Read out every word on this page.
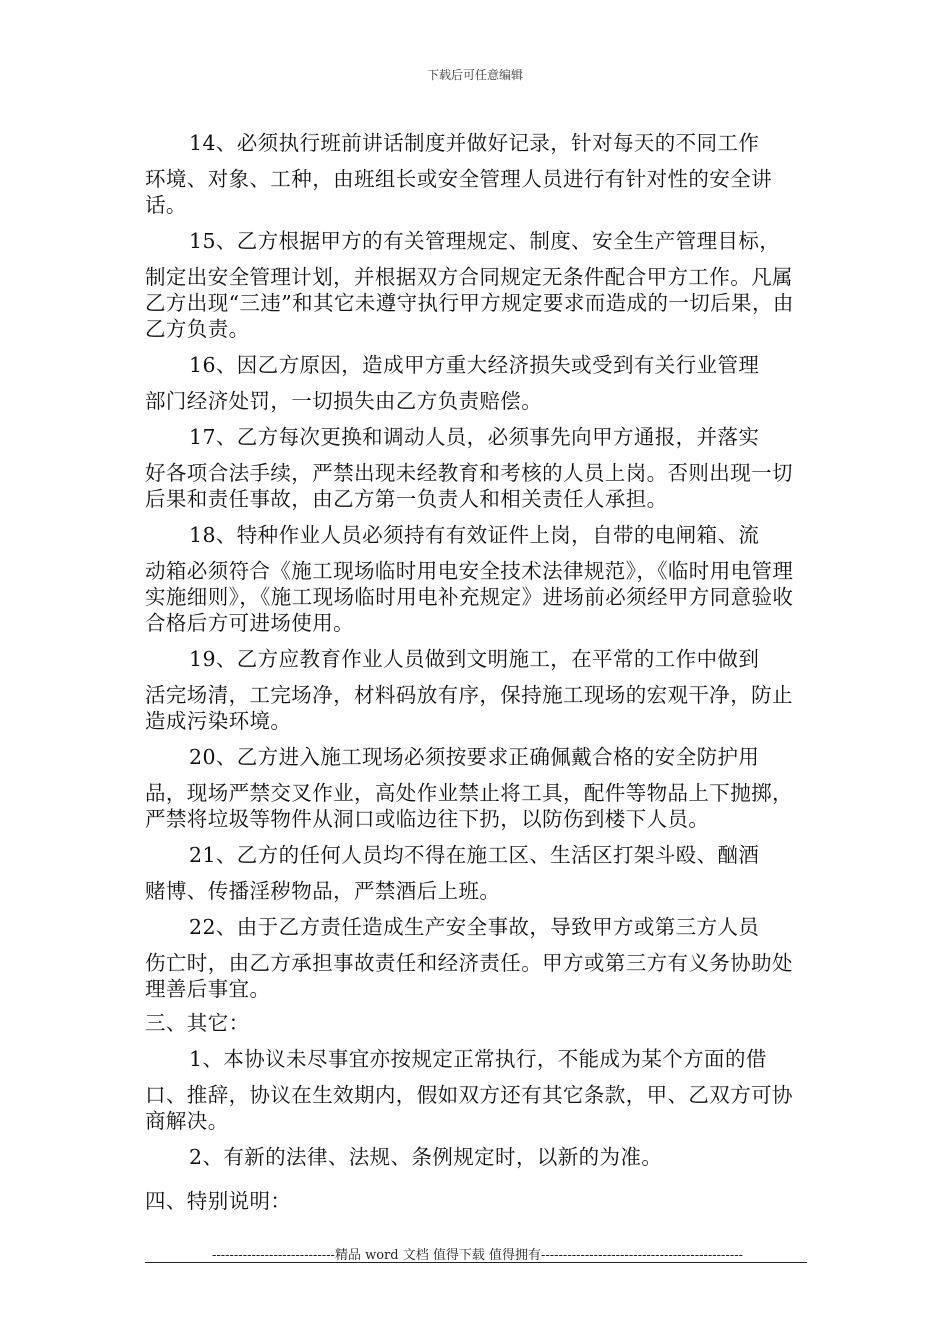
下载后可任意编辑
14、必须执行班前讲话制度并做好记录，针对每天的不同工作
环境、对象、工种，由班组长或安全管理人员进行有针对性的安全讲话。
15、乙方根据甲方的有关管理规定、制度、安全生产管理目标，
制定出安全管理计划，并根据双方合同规定无条件配合甲方工作。凡属乙方出现“三违”和其它未遵守执行甲方规定要求而造成的一切后果，由乙方负责。
16、因乙方原因，造成甲方重大经济损失或受到有关行业管理
部门经济处罚，一切损失由乙方负责赔偿。
17、乙方每次更换和调动人员，必须事先向甲方通报，并落实
好各项合法手续，严禁出现未经教育和考核的人员上岗。否则出现一切后果和责任事故，由乙方第一负责人和相关责任人承担。
18、特种作业人员必须持有有效证件上岗，自带的电闸箱、流
动箱必须符合《施工现场临时用电安全技术法律规范》，《临时用电管理实施细则》，《施工现场临时用电补充规定》进场前必须经甲方同意验收合格后方可进场使用。
19、乙方应教育作业人员做到文明施工，在平常的工作中做到
活完场清，工完场净，材料码放有序，保持施工现场的宏观干净，防止造成污染环境。
20、乙方进入施工现场必须按要求正确佩戴合格的安全防护用
品，现场严禁交叉作业，高处作业禁止将工具，配件等物品上下抛掷，严禁将垃圾等物件从洞口或临边往下扔，以防伤到楼下人员。
21、乙方的任何人员均不得在施工区、生活区打架斗殴、酗酒
赌博、传播淫秽物品，严禁酒后上班。
22、由于乙方责任造成生产安全事故，导致甲方或第三方人员
伤亡时，由乙方承担事故责任和经济责任。甲方或第三方有义务协助处理善后事宜。
三、其它：
1、本协议未尽事宜亦按规定正常执行，不能成为某个方面的借
口、推辞，协议在生效期内，假如双方还有其它条款，甲、乙双方可协商解决。
2、有新的法律、法规、条例规定时，以新的为准。
四、特别说明：
----------------------------精品 word 文档 值得下载 值得拥有----------------------------------------------
